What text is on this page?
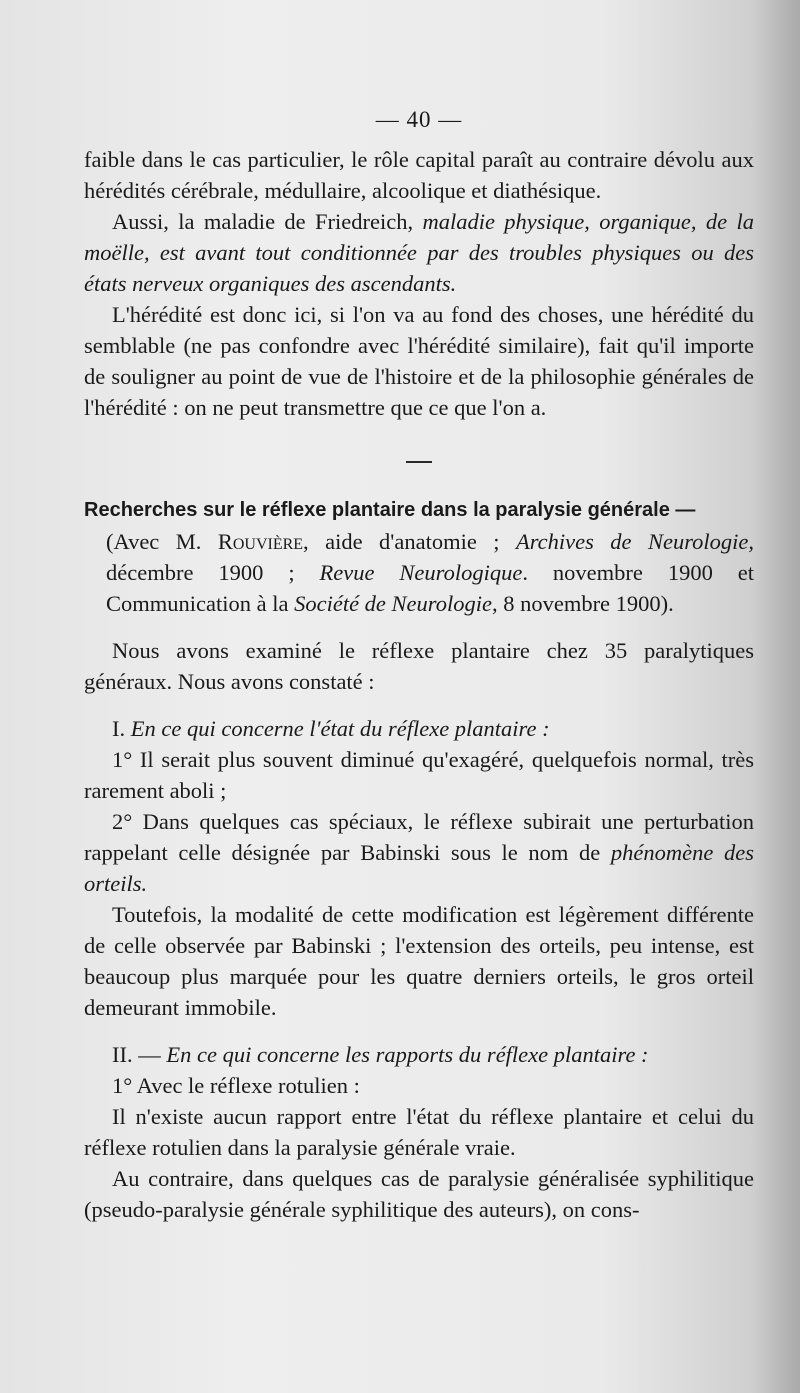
— 40 —

faible dans le cas particulier, le rôle capital paraît au contraire dévolu aux hérédités cérébrale, médullaire, alcoolique et diathésique.

Aussi, la maladie de Friedreich, maladie physique, organique, de la moëlle, est avant tout conditionnée par des troubles physiques ou des états nerveux organiques des ascendants.

L'hérédité est donc ici, si l'on va au fond des choses, une hérédité du semblable (ne pas confondre avec l'hérédité similaire), fait qu'il importe de souligner au point de vue de l'histoire et de la philosophie générales de l'hérédité : on ne peut transmettre que ce que l'on a.

Recherches sur le réflexe plantaire dans la paralysie générale —

(Avec M. Rouvière, aide d'anatomie ; Archives de Neurologie, décembre 1900 ; Revue Neurologique. novembre 1900 et Communication à la Société de Neurologie, 8 novembre 1900).

Nous avons examiné le réflexe plantaire chez 35 paralytiques généraux. Nous avons constaté :

I. En ce qui concerne l'état du réflexe plantaire :

1° Il serait plus souvent diminué qu'exagéré, quelquefois normal, très rarement aboli ;

2° Dans quelques cas spéciaux, le réflexe subirait une perturbation rappelant celle désignée par Babinski sous le nom de phénomène des orteils.

Toutefois, la modalité de cette modification est légèrement différente de celle observée par Babinski ; l'extension des orteils, peu intense, est beaucoup plus marquée pour les quatre derniers orteils, le gros orteil demeurant immobile.

II. — En ce qui concerne les rapports du réflexe plantaire :

1° Avec le réflexe rotulien :

Il n'existe aucun rapport entre l'état du réflexe plantaire et celui du réflexe rotulien dans la paralysie générale vraie.

Au contraire, dans quelques cas de paralysie généralisée syphilitique (pseudo-paralysie générale syphilitique des auteurs), on cons-
